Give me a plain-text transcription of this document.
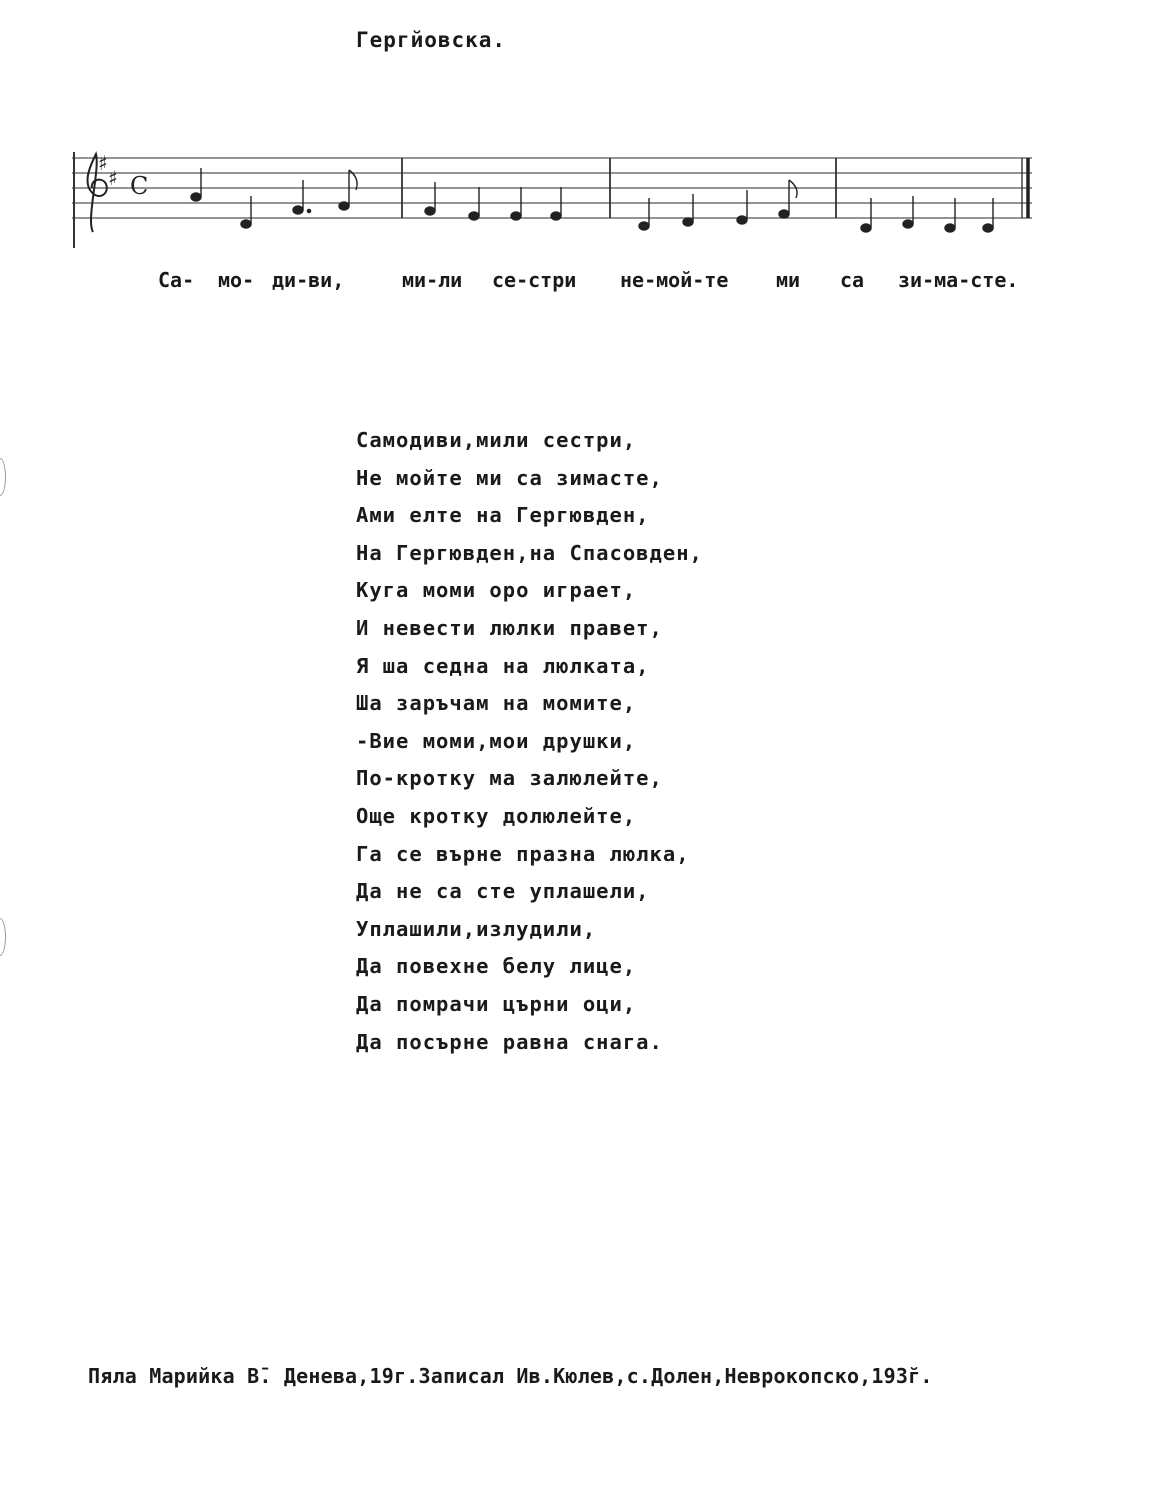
Гергйовска.
♯
♯ C
Са- мо- ди-ви,	ми-ли се-стри не-мой-те ми са зи-ма-сте.
Самодиви,мили сестри,
Не мойте ми са зимасте,
Ами елте на Гергювден,
На Гергювден,на Спасовден,
Куга моми оро играет,
И невести люлки правет,
Я ша седна на люлката,
Ша заръчам на момите,
-Вие моми,мои друшки,
По-кротку ма залюлейте,
Още кротку долюлейте,
Га се върне празна люлка,
Да не са сте уплашели,
Уплашили,излудили,
Да повехне белу лице,
Да помрачи църни оци,
Да посърне равна снага.
Пяла Марийка В̄. Денева,19г.Записал Ив.Кюлев,с.Долен,Неврокопско,193̆г.
